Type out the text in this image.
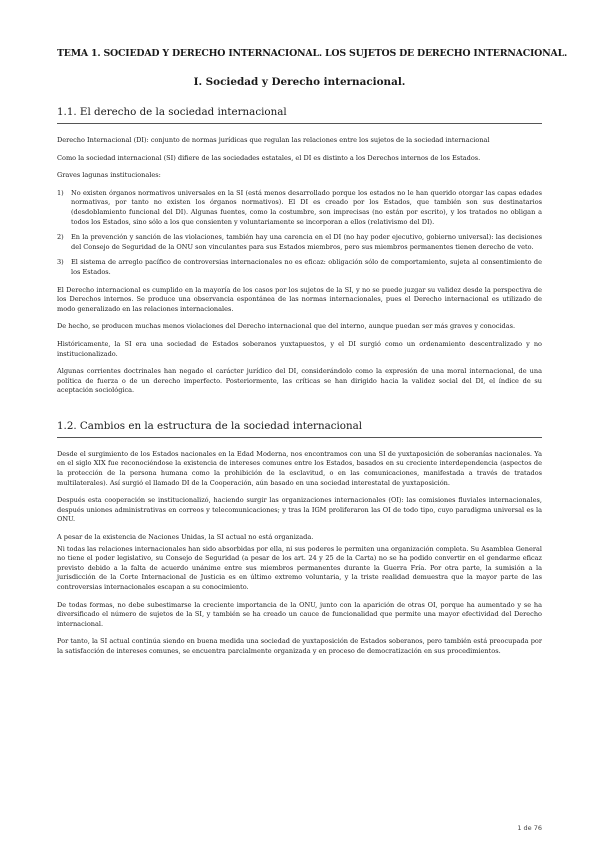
TEMA 1. SOCIEDAD Y DERECHO INTERNACIONAL. LOS SUJETOS DE DERECHO INTERNACIONAL.
I. Sociedad y Derecho internacional.
1.1. El derecho de la sociedad internacional

Derecho Internacional (DI): conjunto de normas jurídicas que regulan las relaciones entre los sujetos de la sociedad internacional

Como la sociedad internacional (SI) difiere de las sociedades estatales, el DI es distinto a los Derechos internos de los Estados.

Graves lagunas institucionales:

1)	No existen órganos normativos universales en la SI (está menos desarrollado porque los estados no le han querido otorgar las capas edades normativas, por tanto no existen los órganos normativos). El DI es creado por los Estados, que también son sus destinatarios (desdoblamiento funcional del DI). Algunas fuentes, como la costumbre, son imprecisas (no están por escrito), y los tratados no obligan a todos los Estados, sino sólo a los que consienten y voluntariamente se incorporan a ellos (relativismo del DI).
2)	En la prevención y sanción de las violaciones, también hay una carencia en el DI (no hay poder ejecutivo, gobierno universal): las decisiones del Consejo de Seguridad de la ONU son vinculantes para sus Estados miembros, pero sus miembros permanentes tienen derecho de veto.
3)	El sistema de arreglo pacífico de controversias internacionales no es eficaz: obligación sólo de comportamiento, sujeta al consentimiento de los Estados.

El Derecho internacional es cumplido en la mayoría de los casos por los sujetos de la SI, y no se puede juzgar su validez desde la perspectiva de los Derechos internos. Se produce una observancia espontánea de las normas internacionales, pues el Derecho internacional es utilizado de modo generalizado en las relaciones internacionales.

De hecho, se producen muchas menos violaciones del Derecho internacional que del interno, aunque puedan ser más graves y conocidas.

Históricamente, la SI era una sociedad de Estados soberanos yuxtapuestos, y el DI surgió como un ordenamiento descentralizado y no institucionalizado.

Algunas corrientes doctrinales han negado el carácter jurídico del DI, considerándolo como la expresión de una moral internacional, de una política de fuerza o de un derecho imperfecto. Posteriormente, las críticas se han dirigido hacia la validez social del DI, el índice de su aceptación sociológica.

1.2. Cambios en la estructura de la sociedad internacional

Desde el surgimiento de los Estados nacionales en la Edad Moderna, nos encontramos con una SI de yuxtaposición de soberanías nacionales. Ya en el siglo XIX fue reconociéndose la existencia de intereses comunes entre los Estados, basados en su creciente interdependencia (aspectos de la protección de la persona humana como la prohibición de la esclavitud, o en las comunicaciones, manifestada a través de tratados multilaterales). Así surgió el llamado DI de la Cooperación, aún basado en una sociedad interestatal de yuxtaposición.

Después esta cooperación se institucionalizó, haciendo surgir las organizaciones internacionales (OI): las comisiones fluviales internacionales, después uniones administrativas en correos y telecomunicaciones; y tras la IGM proliferaron las OI de todo tipo, cuyo paradigma universal es la ONU.

A pesar de la existencia de Naciones Unidas, la SI actual no está organizada.

Ni todas las relaciones internacionales han sido absorbidas por ella, ni sus poderes le permiten una organización completa. Su Asamblea General no tiene el poder legislativo, su Consejo de Seguridad (a pesar de los art. 24 y 25 de la Carta) no se ha podido convertir en el gendarme eficaz previsto debido a la falta de acuerdo unánime entre sus miembros permanentes durante la Guerra Fría. Por otra parte, la sumisión a la jurisdicción de la Corte Internacional de Justicia es en último extremo voluntaria, y la triste realidad demuestra que la mayor parte de las controversias internacionales escapan a su conocimiento.

De todas formas, no debe subestimarse la creciente importancia de la ONU, junto con la aparición de otras OI, porque ha aumentado y se ha diversificado el número de sujetos de la SI, y también se ha creado un cauce de funcionalidad que permite una mayor efectividad del Derecho internacional.

Por tanto, la SI actual continúa siendo en buena medida una sociedad de yuxtaposición de Estados soberanos, pero también está preocupada por la satisfacción de intereses comunes, se encuentra parcialmente organizada y en proceso de democratización en sus procedimientos.

1 de 76
